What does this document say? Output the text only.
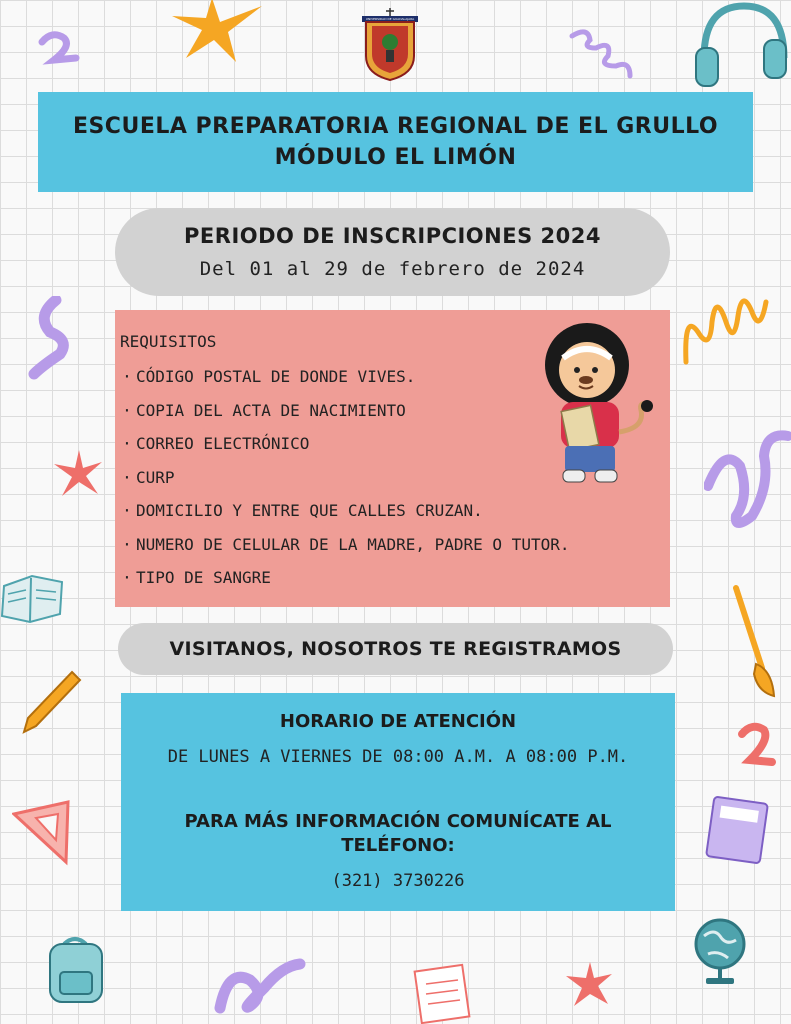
UNIVERSIDAD DE GUADALAJARA
ESCUELA PREPARATORIA REGIONAL DE EL GRULLO
MÓDULO EL LIMÓN
PERIODO DE INSCRIPCIONES 2024
Del 01 al 29 de febrero de 2024
REQUISITOS
· CÓDIGO POSTAL DE DONDE VIVES.
· COPIA DEL ACTA DE NACIMIENTO
· CORREO ELECTRÓNICO
· CURP
· DOMICILIO Y ENTRE QUE CALLES CRUZAN.
· NUMERO DE CELULAR DE LA MADRE, PADRE O TUTOR.
· TIPO DE SANGRE
VISITANOS, NOSOTROS TE REGISTRAMOS
HORARIO DE ATENCIÓN
DE LUNES A VIERNES DE 08:00 A.M. A 08:00 P.M.
PARA MÁS INFORMACIÓN COMUNÍCATE AL
TELÉFONO:
(321) 3730226
